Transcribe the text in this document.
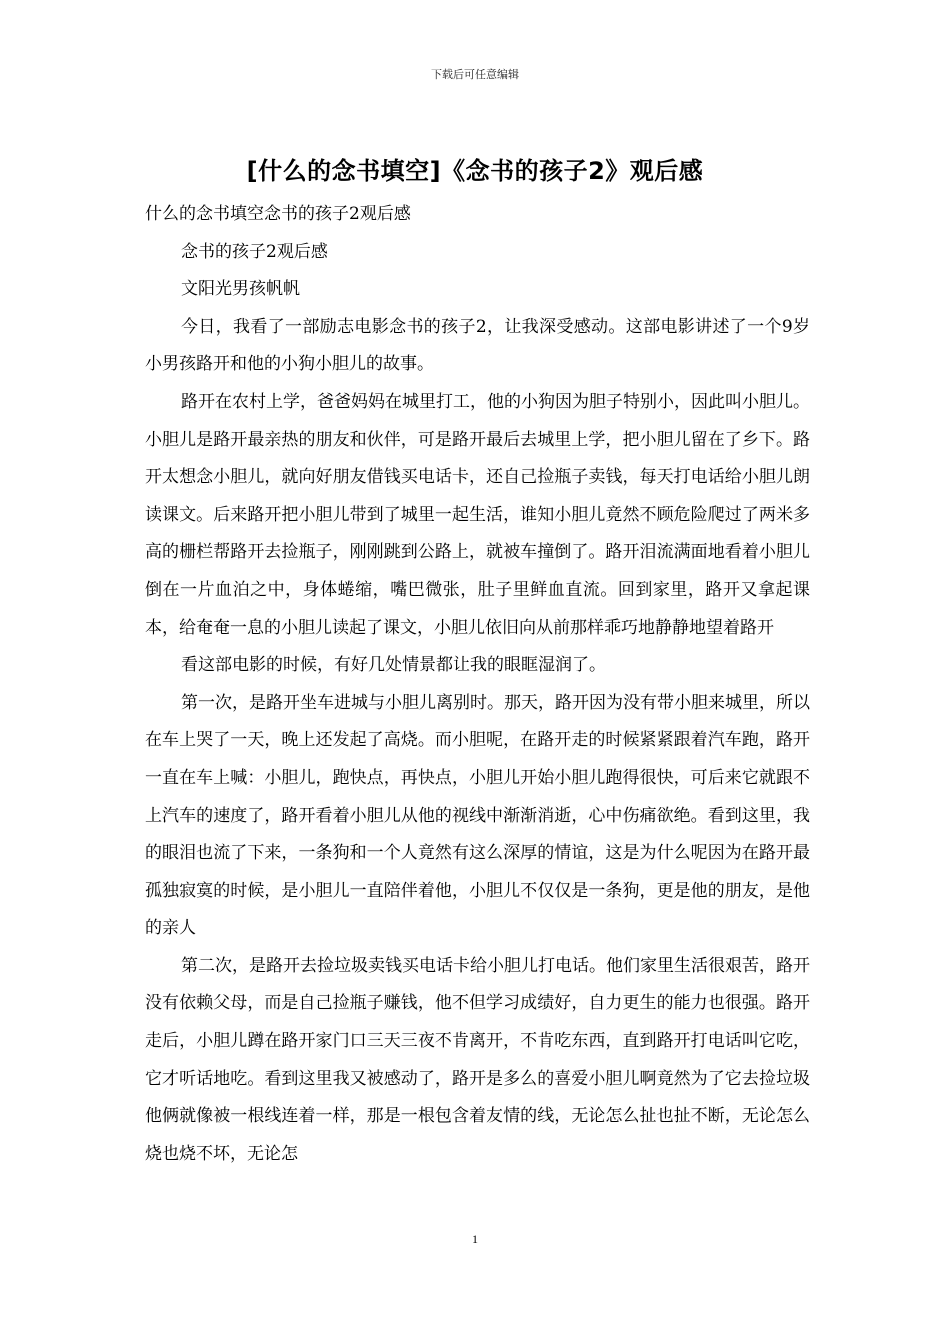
下载后可任意编辑
[什么的念书填空]《念书的孩子2》观后感

什么的念书填空念书的孩子2观后感

念书的孩子2观后感

文阳光男孩帆帆

今日，我看了一部励志电影念书的孩子2，让我深受感动。这部电影讲述了一个9岁小男孩路开和他的小狗小胆儿的故事。

路开在农村上学，爸爸妈妈在城里打工，他的小狗因为胆子特别小，因此叫小胆儿。小胆儿是路开最亲热的朋友和伙伴，可是路开最后去城里上学，把小胆儿留在了乡下。路开太想念小胆儿，就向好朋友借钱买电话卡，还自己捡瓶子卖钱，每天打电话给小胆儿朗读课文。后来路开把小胆儿带到了城里一起生活，谁知小胆儿竟然不顾危险爬过了两米多高的栅栏帮路开去捡瓶子，刚刚跳到公路上，就被车撞倒了。路开泪流满面地看着小胆儿倒在一片血泊之中，身体蜷缩，嘴巴微张，肚子里鲜血直流。回到家里，路开又拿起课本，给奄奄一息的小胆儿读起了课文，小胆儿依旧向从前那样乖巧地静静地望着路开

看这部电影的时候，有好几处情景都让我的眼眶湿润了。

第一次，是路开坐车进城与小胆儿离别时。那天，路开因为没有带小胆来城里，所以在车上哭了一天，晚上还发起了高烧。而小胆呢，在路开走的时候紧紧跟着汽车跑，路开一直在车上喊：小胆儿，跑快点，再快点，小胆儿开始小胆儿跑得很快，可后来它就跟不上汽车的速度了，路开看着小胆儿从他的视线中渐渐消逝，心中伤痛欲绝。看到这里，我的眼泪也流了下来，一条狗和一个人竟然有这么深厚的情谊，这是为什么呢因为在路开最孤独寂寞的时候，是小胆儿一直陪伴着他，小胆儿不仅仅是一条狗，更是他的朋友，是他的亲人

第二次，是路开去捡垃圾卖钱买电话卡给小胆儿打电话。他们家里生活很艰苦，路开没有依赖父母，而是自己捡瓶子赚钱，他不但学习成绩好，自力更生的能力也很强。路开走后，小胆儿蹲在路开家门口三天三夜不肯离开，不肯吃东西，直到路开打电话叫它吃，它才听话地吃。看到这里我又被感动了，路开是多么的喜爱小胆儿啊竟然为了它去捡垃圾他俩就像被一根线连着一样，那是一根包含着友情的线，无论怎么扯也扯不断，无论怎么烧也烧不坏，无论怎

1
